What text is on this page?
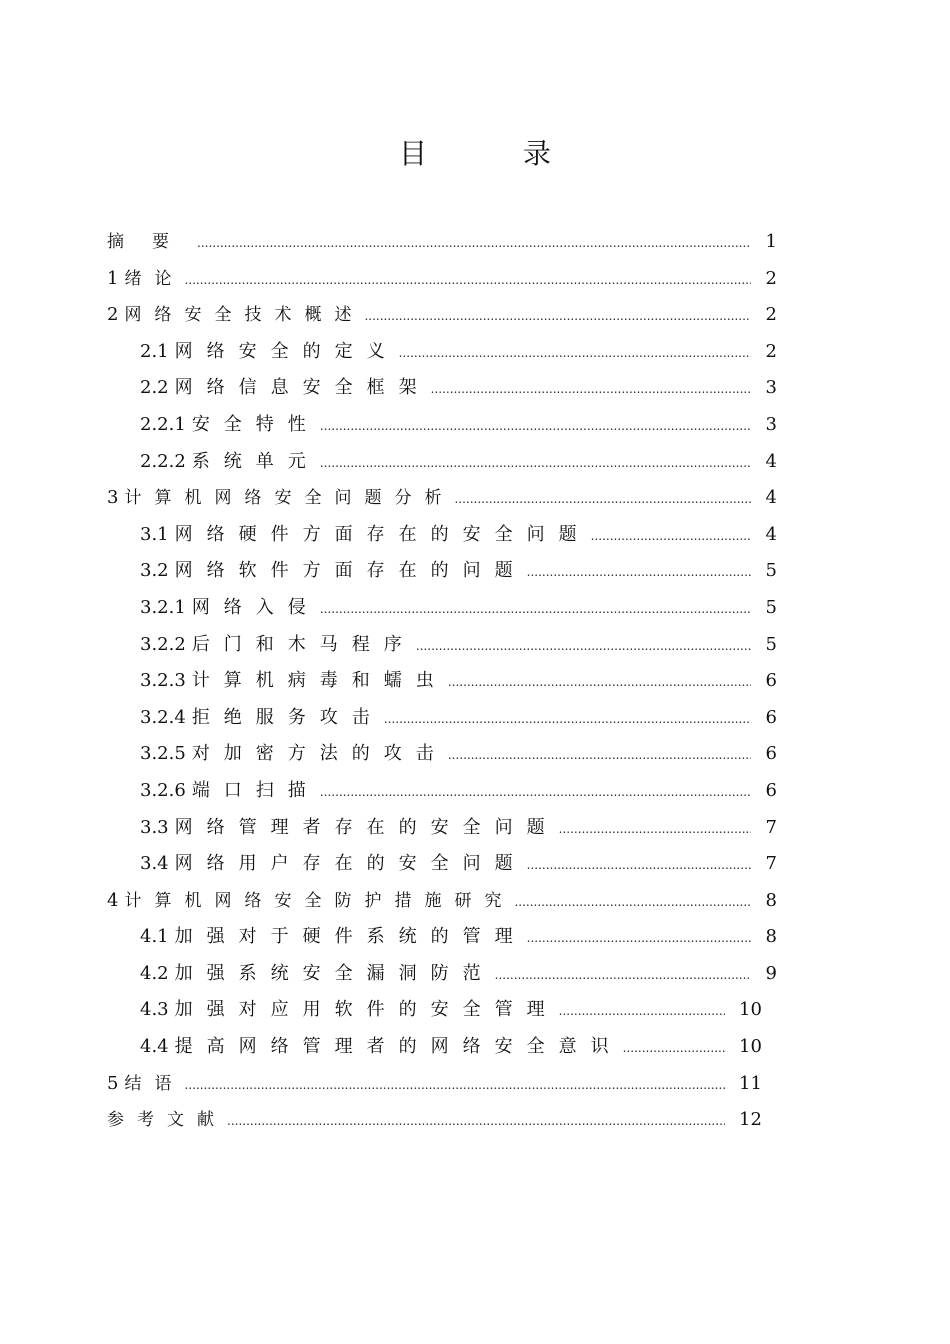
目　录
摘要 .....	1
1 绪论 .....	2
2 网络安全技术概述 .....	2
2.1 网络安全的定义 .....	2
2.2 网络信息安全框架 .....	3
2.2.1 安全特性 .....	3
2.2.2 系统单元 .....	4
3 计算机网络安全问题分析 .....	4
3.1 网络硬件方面存在的安全问题 .....	4
3.2 网络软件方面存在的问题 .....	5
3.2.1 网络入侵 .....	5
3.2.2 后门和木马程序 .....	5
3.2.3 计算机病毒和蠕虫 .....	6
3.2.4 拒绝服务攻击 .....	6
3.2.5 对加密方法的攻击 .....	6
3.2.6 端口扫描 .....	6
3.3 网络管理者存在的安全问题 .....	7
3.4 网络用户存在的安全问题 .....	7
4 计算机网络安全防护措施研究 .....	8
4.1 加强对于硬件系统的管理 .....	8
4.2 加强系统安全漏洞防范 .....	9
4.3 加强对应用软件的安全管理 .....	10
4.4 提高网络管理者的网络安全意识 .....	10
5 结语 .....	11
参考文献 .....	12
